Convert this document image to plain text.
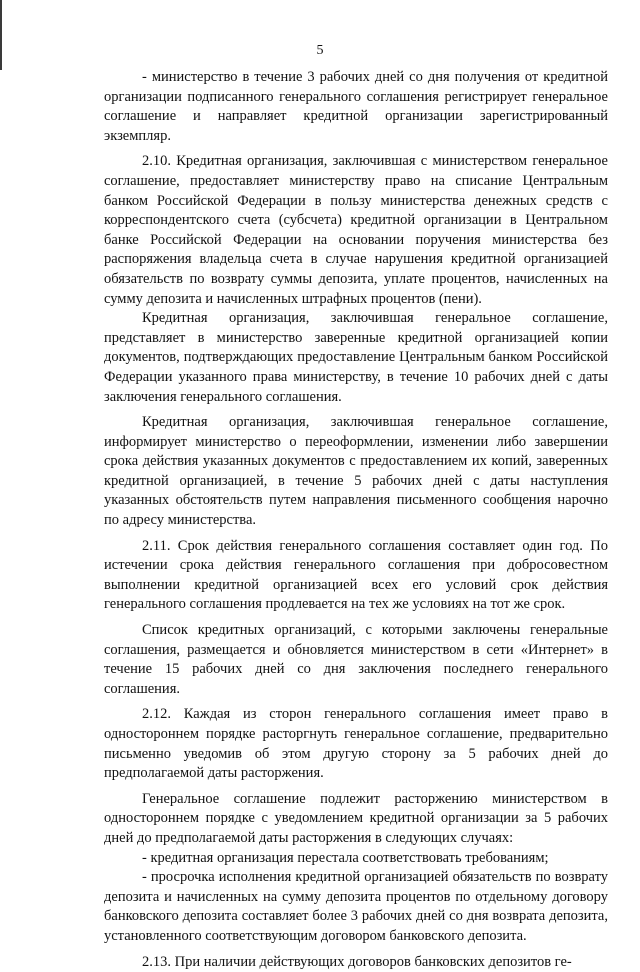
5

- министерство в течение 3 рабочих дней со дня получения от кредитной организации подписанного генерального соглашения регистрирует генеральное соглашение и направляет кредитной организации зарегистрированный экземпляр.

2.10. Кредитная организация, заключившая с министерством генеральное соглашение, предоставляет министерству право на списание Центральным банком Российской Федерации в пользу министерства денежных средств с корреспондентского счета (субсчета) кредитной организации в Центральном банке Российской Федерации на основании поручения министерства без распоряжения владельца счета в случае нарушения кредитной организацией обязательств по возврату суммы депозита, уплате процентов, начисленных на сумму депозита и начисленных штрафных процентов (пени).

Кредитная организация, заключившая генеральное соглашение, представляет в министерство заверенные кредитной организацией копии документов, подтверждающих предоставление Центральным банком Российской Федерации указанного права министерству, в течение 10 рабочих дней с даты заключения генерального соглашения.

Кредитная организация, заключившая генеральное соглашение, информирует министерство о переоформлении, изменении либо завершении срока действия указанных документов с предоставлением их копий, заверенных кредитной организацией, в течение 5 рабочих дней с даты наступления указанных обстоятельств путем направления письменного сообщения нарочно по адресу министерства.

2.11. Срок действия генерального соглашения составляет один год. По истечении срока действия генерального соглашения при добросовестном выполнении кредитной организацией всех его условий срок действия генерального соглашения продлевается на тех же условиях на тот же срок.

Список кредитных организаций, с которыми заключены генеральные соглашения, размещается и обновляется министерством в сети «Интернет» в течение 15 рабочих дней со дня заключения последнего генерального соглашения.

2.12. Каждая из сторон генерального соглашения имеет право в одностороннем порядке расторгнуть генеральное соглашение, предварительно письменно уведомив об этом другую сторону за 5 рабочих дней до предполагаемой даты расторжения.

Генеральное соглашение подлежит расторжению министерством в одностороннем порядке с уведомлением кредитной организации за 5 рабочих дней до предполагаемой даты расторжения в следующих случаях:

- кредитная организация перестала соответствовать требованиям;

- просрочка исполнения кредитной организацией обязательств по возврату депозита и начисленных на сумму депозита процентов по отдельному договору банковского депозита составляет более 3 рабочих дней со дня возврата депозита, установленного соответствующим договором банковского депозита.

2.13. При наличии действующих договоров банковских депозитов ге-
